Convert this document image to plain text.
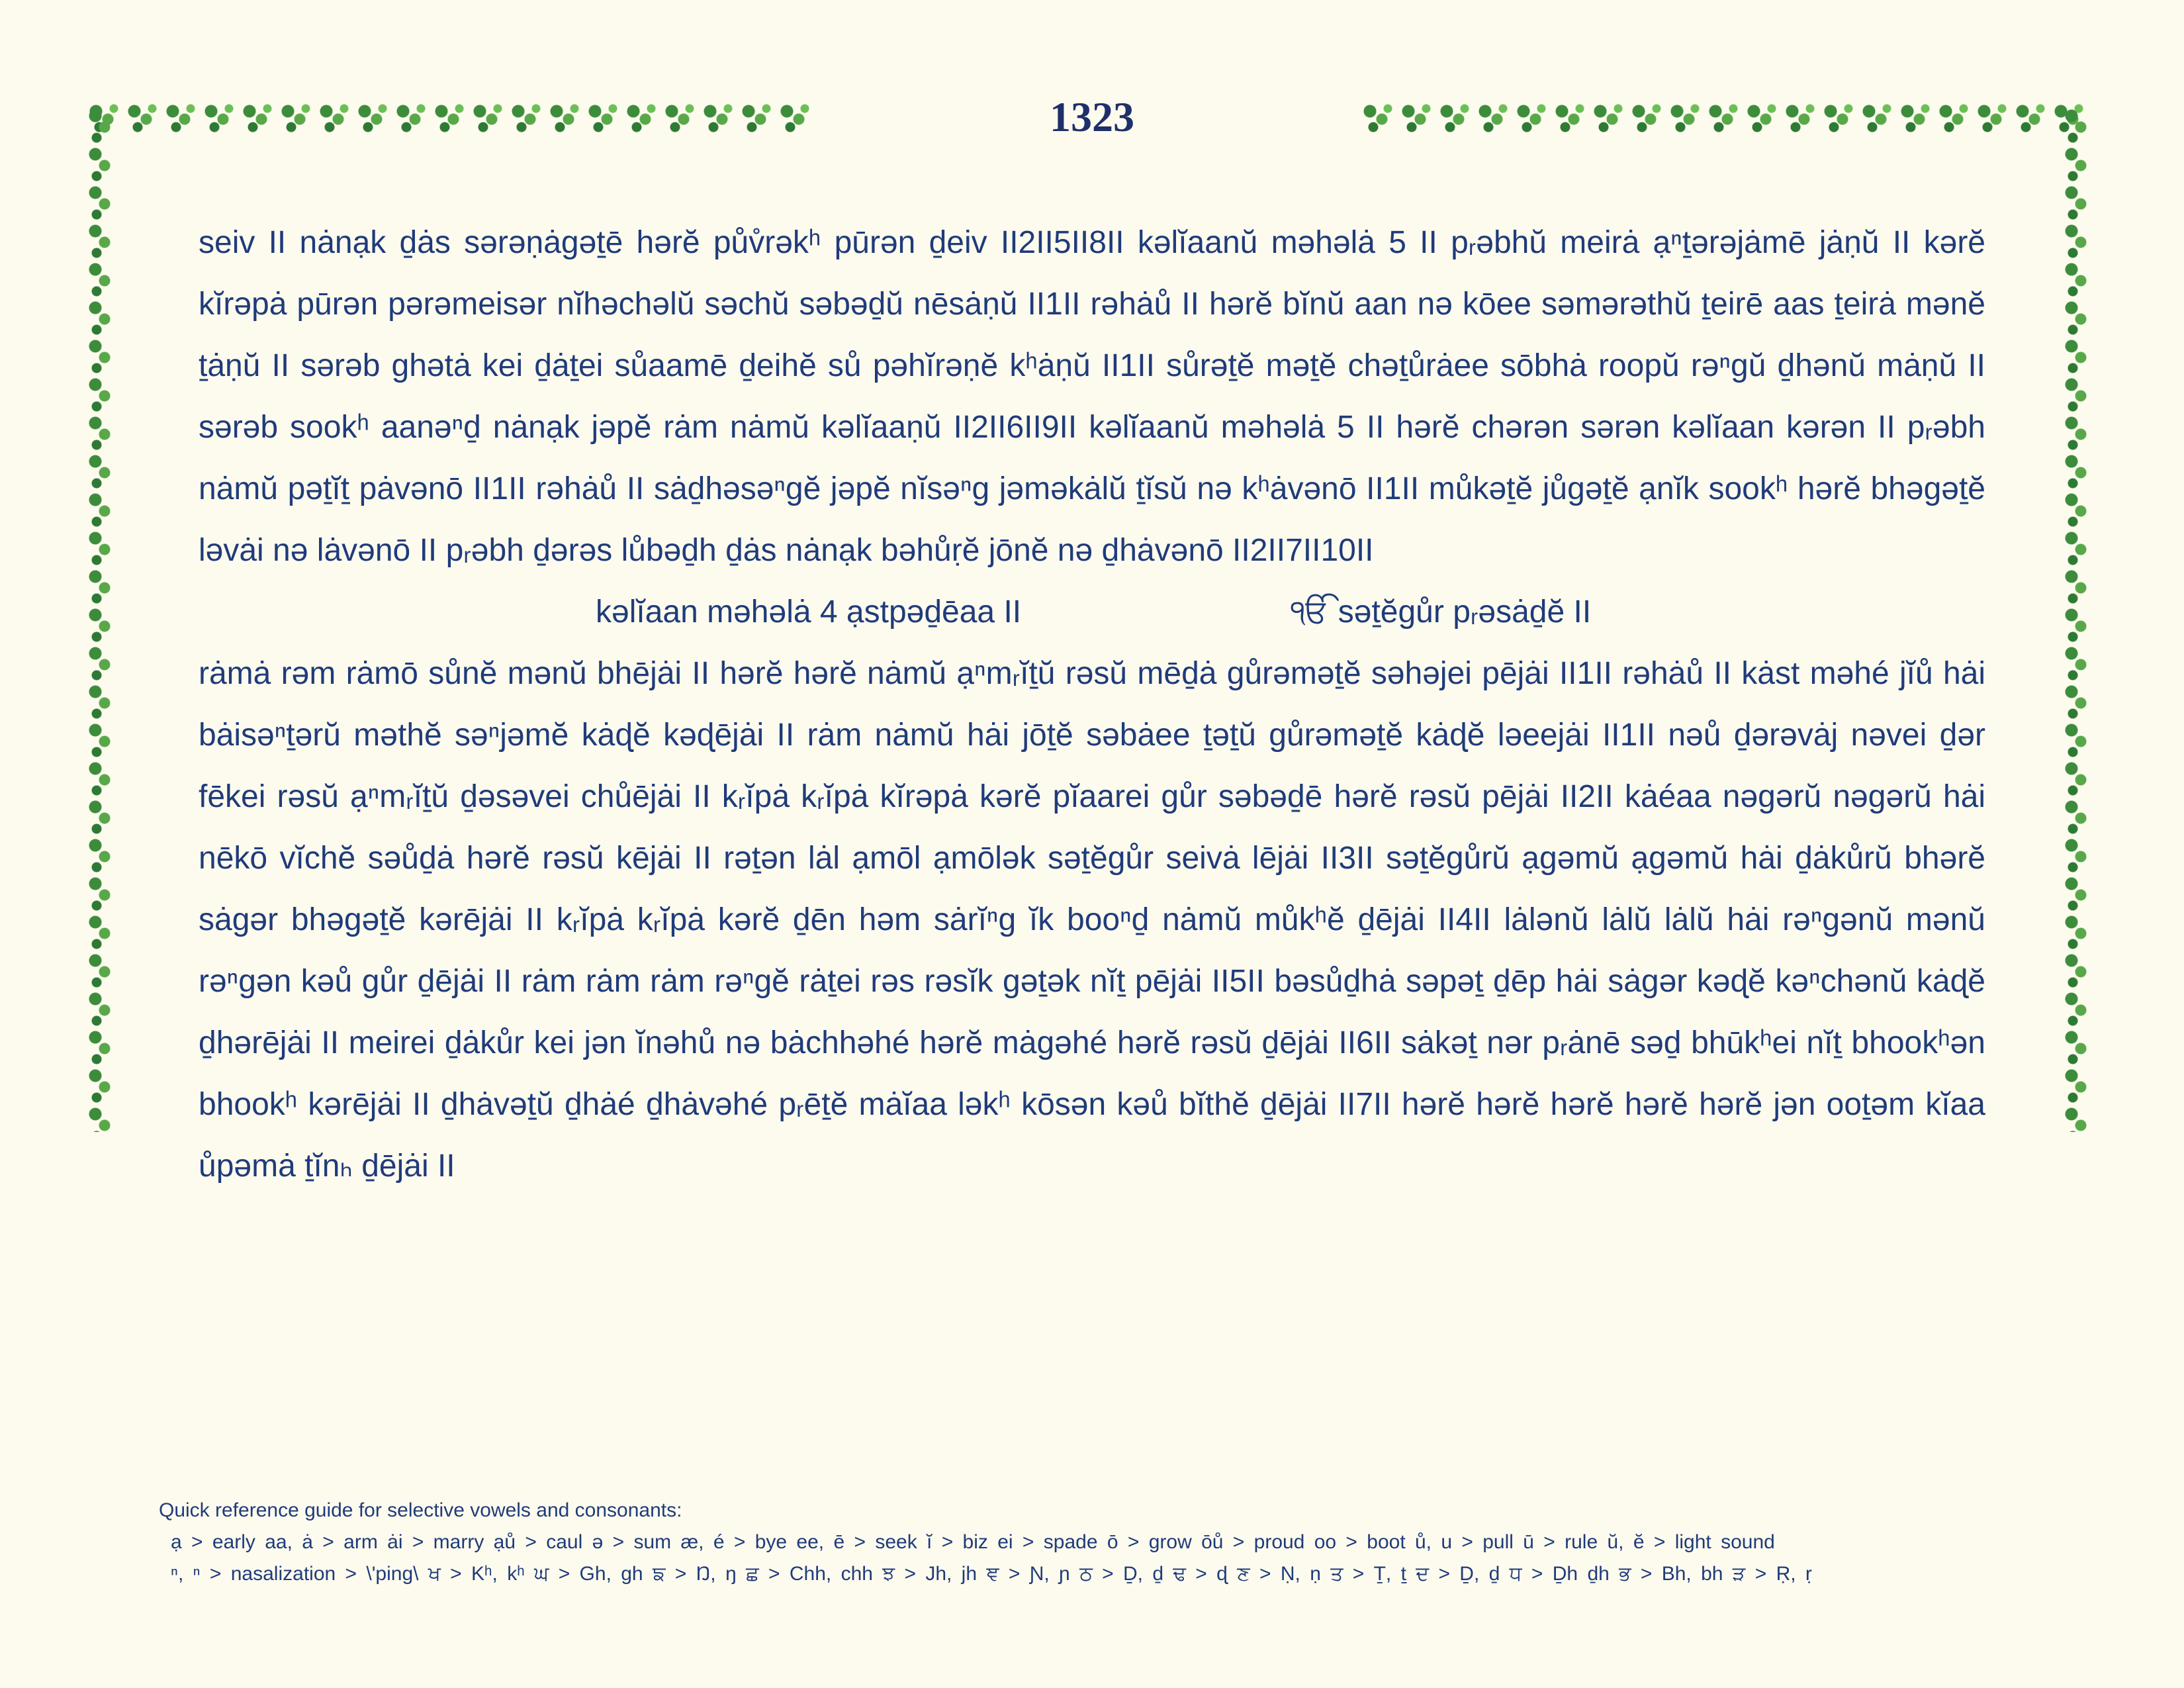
1323

seiv II nȧnạk ḏȧs sərəṇȧgəṯē hərĕ pův̊rəkʰ pūrən ḏeiv II2II5II8II kəlĭaanŭ məhəlȧ 5 II pᵣəbhŭ meirȧ ạⁿṯərəjȧmē jȧṇŭ II kərĕ kĭrəpȧ pūrən pərəmeisər nĭhəchəlŭ səchŭ səbəḏŭ nēsȧṇŭ II1II rəhȧů II hərĕ bĭnŭ aan nə kōee səmərəthŭ ṯeirē aas ṯeirȧ mənĕ ṯȧṇŭ II sərəb ghətȧ kei ḏȧṯei sůaamē ḏeihĕ sů pəhĭrəṇĕ kʰȧṇŭ II1II sůrəṯĕ məṯĕ chəṯůrȧee sōbhȧ roopŭ rəⁿgŭ ḏhənŭ mȧṇŭ II sərəb sookʰ aanəⁿḏ nȧnạk jəpĕ rȧm nȧmŭ kəlĭaaṇŭ II2II6II9II kəlĭaanŭ məhəlȧ 5 II hərĕ chərən sərən kəlĭaan kərən II pᵣəbh nȧmŭ pəṯĭṯ pȧvənō II1II rəhȧů II sȧḏhəsəⁿgĕ jəpĕ nĭsəⁿg jəməkȧlŭ ṯĭsŭ nə kʰȧvənō II1II můkəṯĕ jůgəṯĕ ạnĭk sookʰ hərĕ bhəgəṯĕ ləvȧi nə lȧvənō II pᵣəbh ḏərəs lůbəḏh ḏȧs nȧnạk bəhůṛĕ jōnĕ nə ḏhȧvənō II2II7II10II

kəlĭaan məhəlȧ 4 ạstpəḏēaa II	ੴ səṯĕgůr pᵣəsȧḏĕ II

rȧmȧ rəm rȧmō sůnĕ mənŭ bhējȧi II hərĕ hərĕ nȧmŭ ạⁿmᵣĭṯŭ rəsŭ mēḏȧ gůrəməṯĕ səhəjei pējȧi II1II rəhȧů II kȧst məhé jĭů hȧi bȧisəⁿṯərŭ məthĕ səⁿjəmĕ kȧɖĕ kəɖējȧi II rȧm nȧmŭ hȧi jōṯĕ səbȧee ṯəṯŭ gůrəməṯĕ kȧɖĕ ləeejȧi II1II nəů ḏərəvȧj nəvei ḏər fēkei rəsŭ ạⁿmᵣĭṯŭ ḏəsəvei chůējȧi II kᵣĭpȧ kᵣĭpȧ kĭrəpȧ kərĕ pĭaarei gůr səbəḏē hərĕ rəsŭ pējȧi II2II kȧéaa nəgərŭ nəgərŭ hȧi nēkō vĭchĕ səůḏȧ hərĕ rəsŭ kējȧi II rəṯən lȧl ạmōl ạmōlək səṯĕgůr seivȧ lējȧi II3II səṯĕgůrŭ ạgəmŭ ạgəmŭ hȧi ḏȧkůrŭ bhərĕ sȧgər bhəgəṯĕ kərējȧi II kᵣĭpȧ kᵣĭpȧ kərĕ ḏēn həm sȧrĭⁿg ĭk booⁿḏ nȧmŭ můkʰĕ ḏējȧi II4II lȧlənŭ lȧlŭ lȧlŭ hȧi rəⁿgənŭ mənŭ rəⁿgən kəů gůr ḏējȧi II rȧm rȧm rȧm rəⁿgĕ rȧṯei rəs rəsĭk gəṯək nĭṯ pējȧi II5II bəsůḏhȧ səpəṯ ḏēp hȧi sȧgər kəɖĕ kəⁿchənŭ kȧɖĕ ḏhərējȧi II meirei ḏȧkůr kei jən ĭnəhů nə bȧchhəhé hərĕ mȧgəhé hərĕ rəsŭ ḏējȧi II6II sȧkəṯ nər pᵣȧnē səḏ bhūkʰei nĭṯ bhookʰən bhookʰ kərējȧi II ḏhȧvəṯŭ ḏhȧé ḏhȧvəhé pᵣēṯĕ mȧĭaa ləkʰ kōsən kəů bĭthĕ ḏējȧi II7II hərĕ hərĕ hərĕ hərĕ hərĕ jən ooṯəm kĭaa ůpəmȧ ṯĭnₕ ḏējȧi II

Quick reference guide for selective vowels and consonants:
ạ > early aa, ȧ > arm ȧi > marry ạů > caul ə > sum æ, é > bye ee, ē > seek ĭ > biz ei > spade ō > grow ōů > proud oo > boot ů, u > pull ū > rule ŭ, ĕ > light sound
ⁿ, ⁿ > nasalization > \'ping\ ਖ > Kʰ, kʰ ਘ > Gh, gh ਙ > Ŋ, ŋ ਛ > Chh, chh ਝ > Jh, jh ਞ > Ɲ, ɲ ਠ > Ḏ, ḏ ਢ > ɖ ਣ > Ṇ, ṇ ਤ > Ṯ, ṯ ਦ > Ḏ, ḏ ਧ > Ḏh ḏh ਭ > Bh, bh ੜ > Ṛ, ṛ
